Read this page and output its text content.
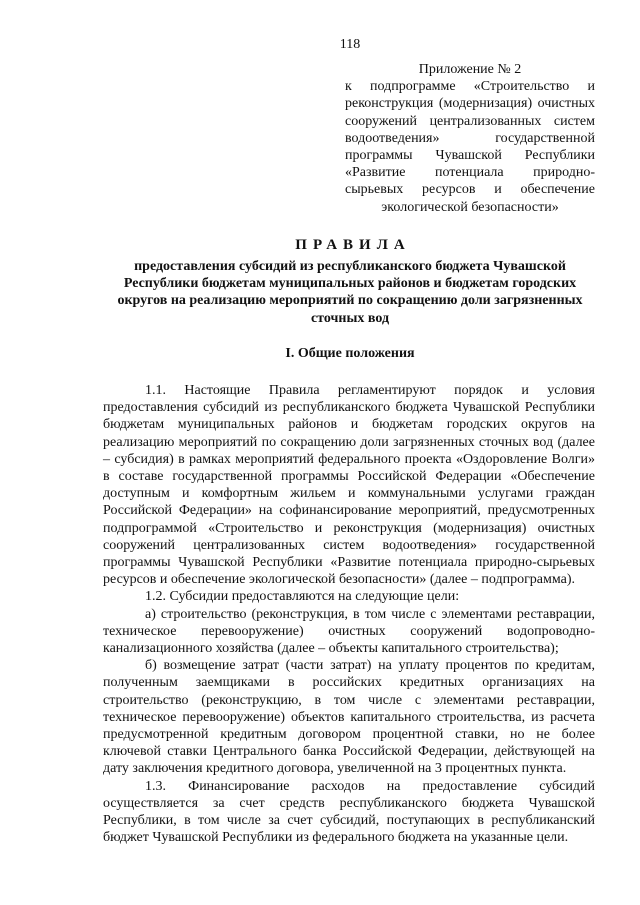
118
Приложение № 2
к подпрограмме «Строительство и реконструкция (модернизация) очистных сооружений централизованных систем водоотведения» государственной программы Чувашской Республики «Развитие потенциала природно-сырьевых ресурсов и обеспечение экологической безопасности»
ПРАВИЛА
предоставления субсидий из республиканского бюджета Чувашской Республики бюджетам муниципальных районов и бюджетам городских округов на реализацию мероприятий по сокращению доли загрязненных сточных вод
I. Общие положения

1.1. Настоящие Правила регламентируют порядок и условия предоставления субсидий из республиканского бюджета Чувашской Республики бюджетам муниципальных районов и бюджетам городских округов на реализацию мероприятий по сокращению доли загрязненных сточных вод (далее – субсидия) в рамках мероприятий федерального проекта «Оздоровление Волги» в составе государственной программы Российской Федерации «Обеспечение доступным и комфортным жильем и коммунальными услугами граждан Российской Федерации» на софинансирование мероприятий, предусмотренных подпрограммой «Строительство и реконструкция (модернизация) очистных сооружений централизованных систем водоотведения» государственной программы Чувашской Республики «Развитие потенциала природно-сырьевых ресурсов и обеспечение экологической безопасности» (далее – подпрограмма).

1.2. Субсидии предоставляются на следующие цели:

а) строительство (реконструкция, в том числе с элементами реставрации, техническое перевооружение) очистных сооружений водопроводно-канализационного хозяйства (далее – объекты капитального строительства);

б) возмещение затрат (части затрат) на уплату процентов по кредитам, полученным заемщиками в российских кредитных организациях на строительство (реконструкцию, в том числе с элементами реставрации, техническое перевооружение) объектов капитального строительства, из расчета предусмотренной кредитным договором процентной ставки, но не более ключевой ставки Центрального банка Российской Федерации, действующей на дату заключения кредитного договора, увеличенной на 3 процентных пункта.

1.3. Финансирование расходов на предоставление субсидий осуществляется за счет средств республиканского бюджета Чувашской Республики, в том числе за счет субсидий, поступающих в республиканский бюджет Чувашской Республики из федерального бюджета на указанные цели.
